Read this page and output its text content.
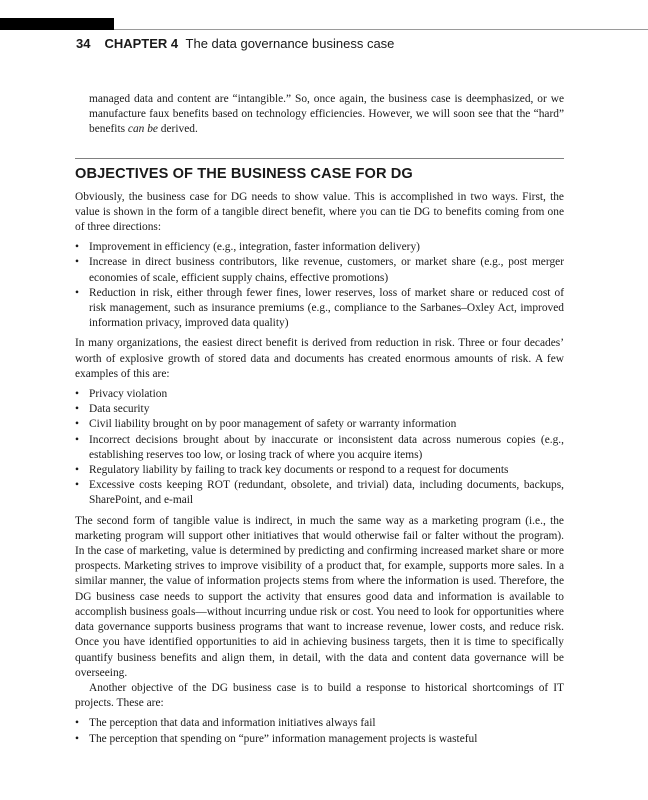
34 CHAPTER 4 The data governance business case

managed data and content are “intangible.” So, once again, the business case is deemphasized, or we manufacture faux benefits based on technology efficiencies. However, we will soon see that the “hard” benefits can be derived.

OBJECTIVES OF THE BUSINESS CASE FOR DG

Obviously, the business case for DG needs to show value. This is accomplished in two ways. First, the value is shown in the form of a tangible direct benefit, where you can tie DG to benefits coming from one of three directions:

• Improvement in efficiency (e.g., integration, faster information delivery)
• Increase in direct business contributors, like revenue, customers, or market share (e.g., post merger economies of scale, efficient supply chains, effective promotions)
• Reduction in risk, either through fewer fines, lower reserves, loss of market share or reduced cost of risk management, such as insurance premiums (e.g., compliance to the Sarbanes–Oxley Act, improved information privacy, improved data quality)

In many organizations, the easiest direct benefit is derived from reduction in risk. Three or four decades’ worth of explosive growth of stored data and documents has created enormous amounts of risk. A few examples of this are:

• Privacy violation
• Data security
• Civil liability brought on by poor management of safety or warranty information
• Incorrect decisions brought about by inaccurate or inconsistent data across numerous copies (e.g., establishing reserves too low, or losing track of where you acquire items)
• Regulatory liability by failing to track key documents or respond to a request for documents
• Excessive costs keeping ROT (redundant, obsolete, and trivial) data, including documents, backups, SharePoint, and e-mail

The second form of tangible value is indirect, in much the same way as a marketing program (i.e., the marketing program will support other initiatives that would otherwise fail or falter without the program). In the case of marketing, value is determined by predicting and confirming increased market share or more prospects. Marketing strives to improve visibility of a product that, for example, supports more sales. In a similar manner, the value of information projects stems from where the information is used. Therefore, the DG business case needs to support the activity that ensures good data and information is available to accomplish business goals—without incurring undue risk or cost. You need to look for opportunities where data governance supports business programs that want to increase revenue, lower costs, and reduce risk. Once you have identified opportunities to aid in achieving business targets, then it is time to specifically quantify business benefits and align them, in detail, with the data and content data governance will be overseeing.

Another objective of the DG business case is to build a response to historical shortcomings of IT projects. These are:

• The perception that data and information initiatives always fail
• The perception that spending on “pure” information management projects is wasteful
